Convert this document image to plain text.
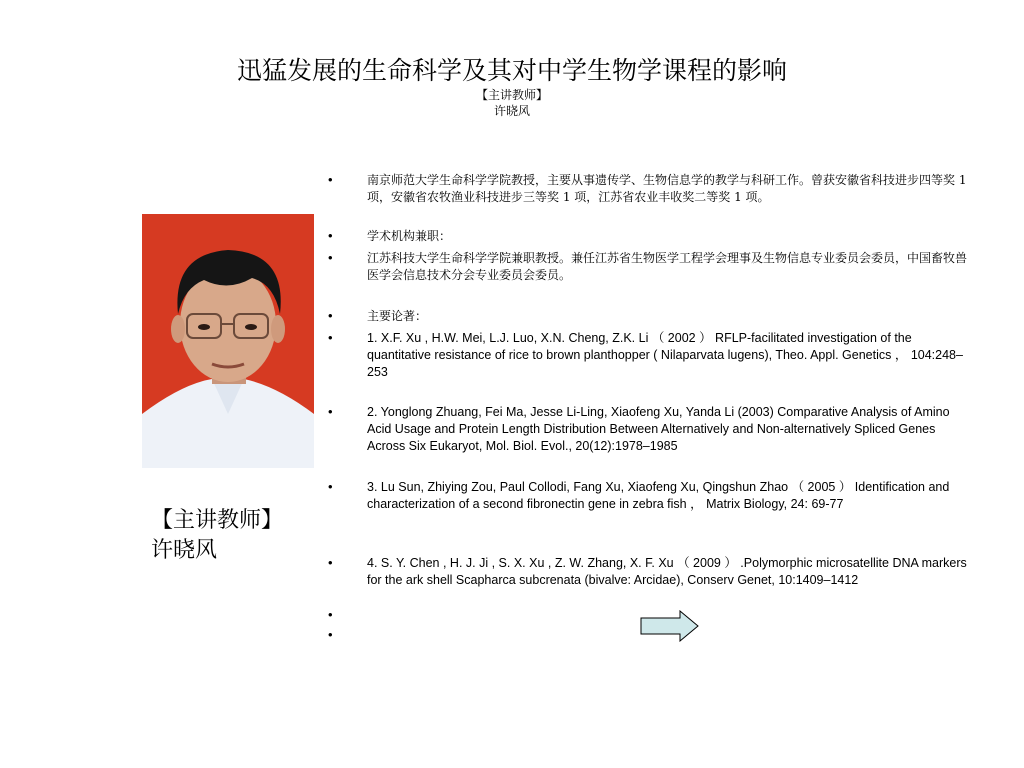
迅猛发展的生命科学及其对中学生物学课程的影响
【主讲教师】
许晓风
【主讲教师】
许晓风
•	南京师范大学生命科学学院教授，主要从事遗传学、生物信息学的教学与科研工作。曾获安徽省科技进步四等奖 1 项，安徽省农牧渔业科技进步三等奖 1 项，江苏省农业丰收奖二等奖 1 项。
•	学术机构兼职：
•	江苏科技大学生命科学学院兼职教授。兼任江苏省生物医学工程学会理事及生物信息专业委员会委员，中国畜牧兽医学会信息技术分会专业委员会委员。
•	主要论著：
•	1. X.F. Xu , H.W. Mei, L.J. Luo, X.N. Cheng, Z.K. Li （ 2002 ） RFLP-facilitated investigation of the quantitative resistance of rice to brown planthopper ( Nilaparvata lugens), Theo. Appl. Genetics ， 104:248–253
•	2. Yonglong Zhuang, Fei Ma, Jesse Li-Ling, Xiaofeng Xu, Yanda Li (2003) Comparative Analysis of Amino Acid Usage and Protein Length Distribution Between Alternatively and Non-alternatively Spliced Genes Across Six Eukaryot, Mol. Biol. Evol., 20(12):1978–1985
•	3. Lu Sun, Zhiying Zou, Paul Collodi, Fang Xu, Xiaofeng Xu, Qingshun Zhao （ 2005 ） Identification and characterization of a second fibronectin gene in zebra fish ， Matrix Biology, 24: 69-77
•	4. S. Y. Chen , H. J. Ji , S. X. Xu , Z. W. Zhang, X. F. Xu （ 2009 ） .Polymorphic microsatellite DNA markers for the ark shell Scapharca subcrenata (bivalve: Arcidae), Conserv Genet, 10:1409–1412
•
•
